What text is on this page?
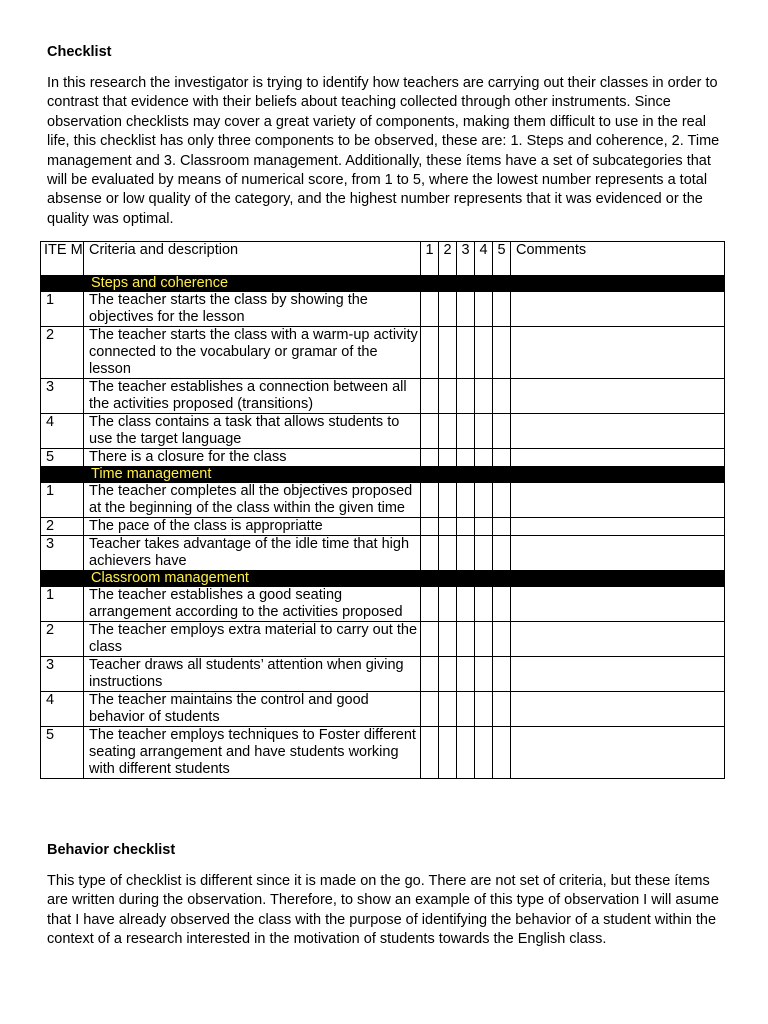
Checklist
In this research the investigator is trying to identify how teachers are carrying out their classes in order to contrast that evidence with their beliefs about teaching collected through other instruments. Since observation checklists may cover a great variety of components, making them difficult to use in the real life, this checklist has only three components to be observed, these are: 1. Steps and coherence, 2. Time management and 3. Classroom management. Additionally, these ítems have a set of subcategories that will be evaluated by means of numerical score, from 1 to 5, where the lowest number represents a total absense or low quality of the category, and the highest number represents that it was evidenced or the quality was optimal.
ITE M	Criteria and description	1	2	3	4	5	Comments
Steps and coherence							
1	The teacher starts the class by showing the objectives for the lesson						
2	The teacher starts the class with a warm-up activity connected to the vocabulary or gramar of the lesson						
3	The teacher establishes a connection between all the activities proposed (transitions)						
4	The class contains a task that allows students to use the target language						
5	There is a closure for the class						
Time management							
1	The teacher completes all the objectives proposed at the beginning of the class within the given time						
2	The pace of the class is appropriatte						
3	Teacher takes advantage of the idle time that high achievers have						
Classroom management							
1	The teacher establishes a good seating arrangement according to the activities proposed						
2	The teacher employs extra material to carry out the class						
3	Teacher draws all students’ attention when giving instructions						
4	The teacher maintains the control and good behavior of students						
5	The teacher employs techniques to Foster different seating arrangement and have students working with different students						
Behavior checklist
This type of checklist is different since it is made on the go. There are not set of criteria, but these ítems are written during the observation. Therefore, to show an example of this type of observation I will asume that I have already observed the class with the purpose of identifying the behavior of a student within the context of a research interested in the motivation of students towards the English class.
